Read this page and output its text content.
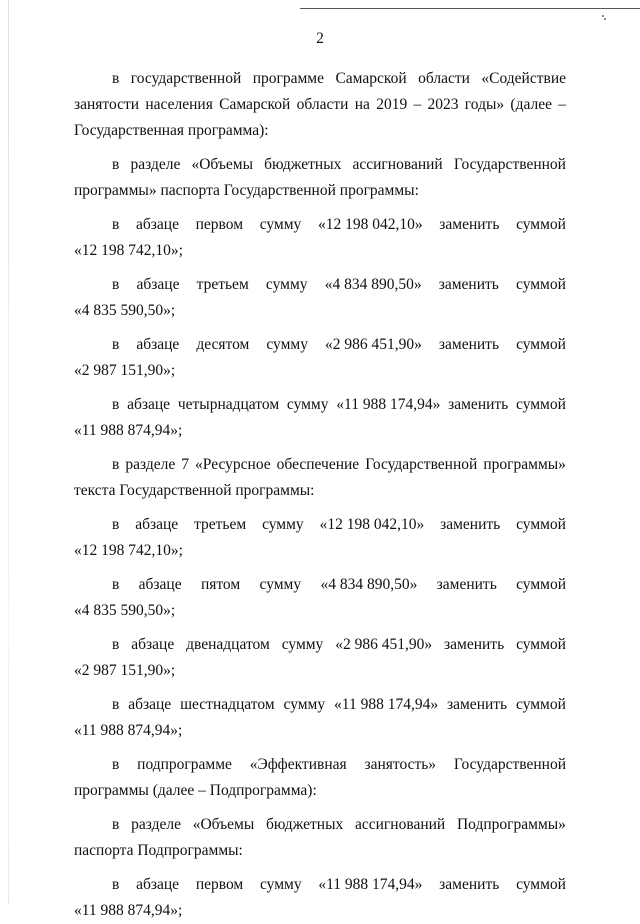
2
в государственной программе Самарской области «Содействие
занятости населения Самарской области на 2019 – 2023 годы» (далее –
Государственная программа):
в разделе «Объемы бюджетных ассигнований Государственной
программы» паспорта Государственной программы:
в абзаце первом сумму «12 198 042,10» заменить суммой
«12 198 742,10»;
в абзаце третьем сумму «4 834 890,50» заменить суммой
«4 835 590,50»;
в абзаце десятом сумму «2 986 451,90» заменить суммой
«2 987 151,90»;
в абзаце четырнадцатом сумму «11 988 174,94» заменить суммой
«11 988 874,94»;
в разделе 7 «Ресурсное обеспечение Государственной программы»
текста Государственной программы:
в абзаце третьем сумму «12 198 042,10» заменить суммой
«12 198 742,10»;
в абзаце пятом сумму «4 834 890,50» заменить суммой
«4 835 590,50»;
в абзаце двенадцатом сумму «2 986 451,90» заменить суммой
«2 987 151,90»;
в абзаце шестнадцатом сумму «11 988 174,94» заменить суммой
«11 988 874,94»;
в подпрограмме «Эффективная занятость» Государственной
программы (далее – Подпрограмма):
в разделе «Объемы бюджетных ассигнований Подпрограммы»
паспорта Подпрограммы:
в абзаце первом сумму «11 988 174,94» заменить суммой
«11 988 874,94»;
